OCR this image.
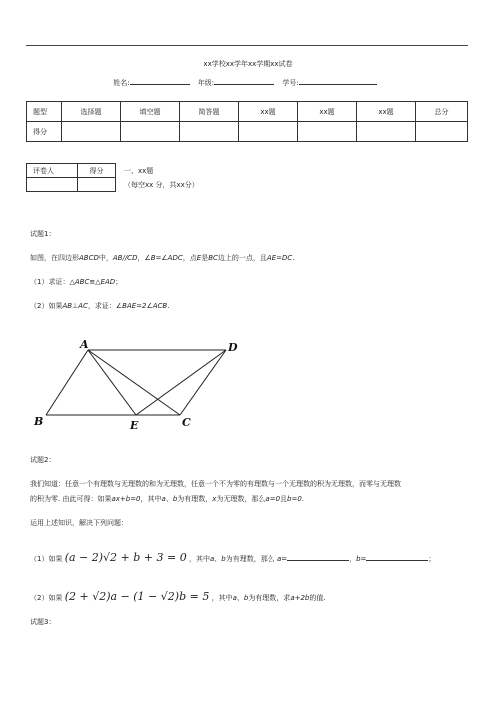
xx学校xx学年xx学期xx试卷
姓名:	年级:	学号:
题型	选择题	填空题	简答题	xx题	xx题	xx题	总分
得分							
评卷人	得分
		一、xx题
（每空xx 分，共xx分）
试题1：
如图，在四边形ABCD中，AB//CD，∠B=∠ADC，点E是BC边上的一点，且AE=DC.
（1）求证：△ABC≌△EAD；
（2）如果AB⊥AC，求证：∠BAE=2∠ACB.
A	D
B	E	C
试题2：
我们知道：任意一个有理数与无理数的和为无理数，任意一个不为零的有理数与一个无理数的积为无理数，而零与无理数
的积为零. 由此可得：如果ax+b=0，其中a、b为有理数，x为无理数，那么a=0且b=0.
运用上述知识，解决下列问题：
（1）如果 (a − 2)√2 + b + 3 = 0 ，其中a、b为有理数，那么 a=	，b=	；
（2）如果 (2 + √2)a − (1 − √2)b = 5 ，其中a、b为有理数，求a+2b的值.
试题3：
